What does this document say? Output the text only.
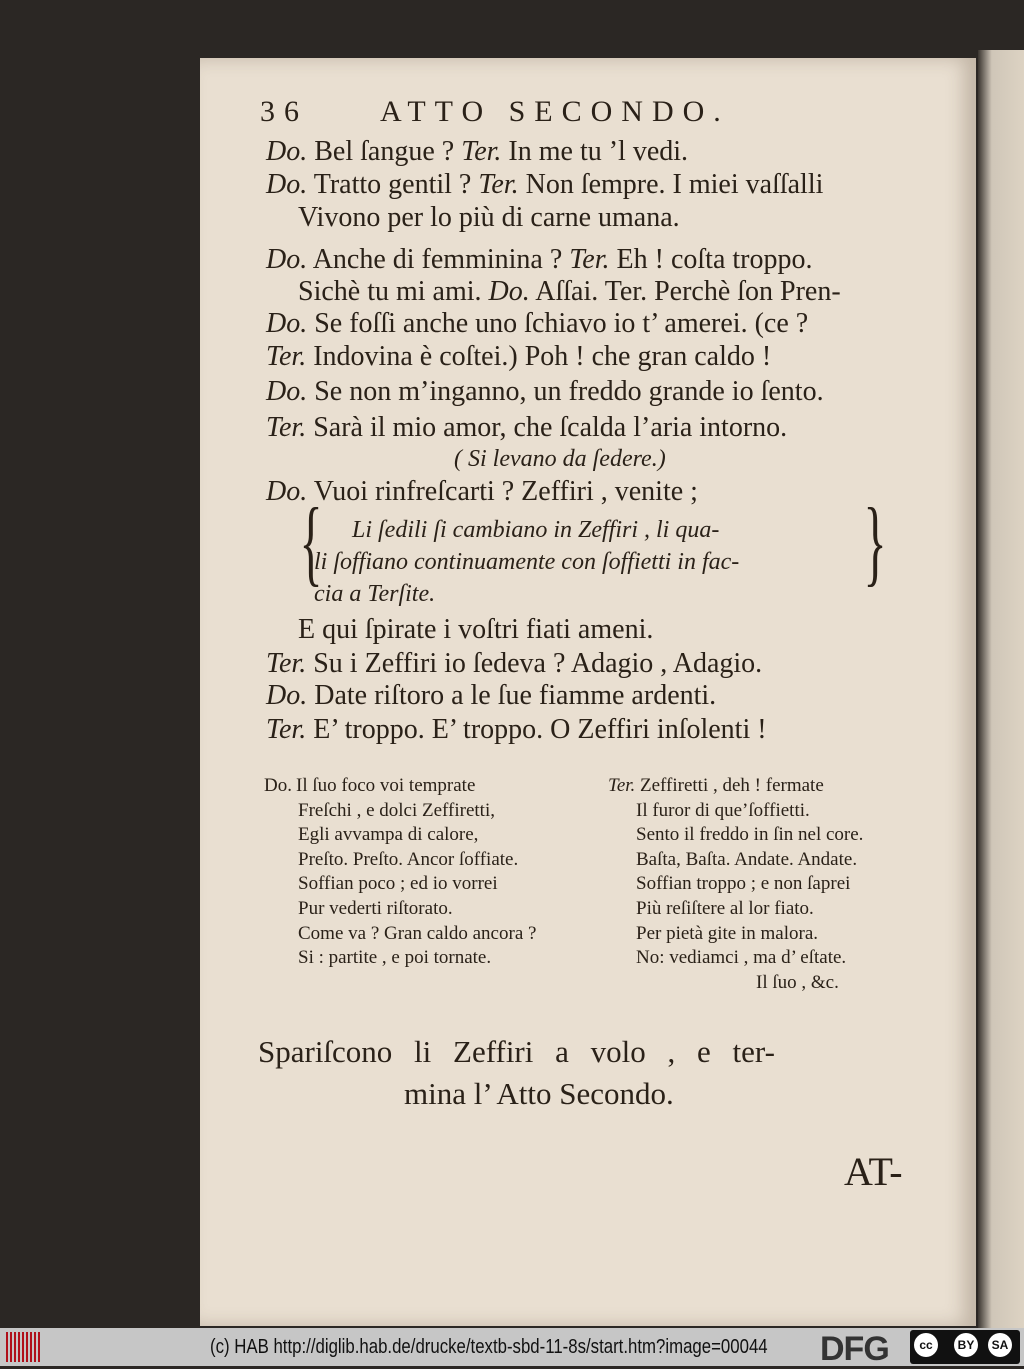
36 ATTO SECONDO.
Do. Bel ſangue ? Ter. In me tu ’l vedi.
Do. Tratto gentil ? Ter. Non ſempre. I miei vaſſalli
Vivono per lo più di carne umana.
Do. Anche di femminina ? Ter. Eh ! coſta troppo.
Sichè tu mi ami. Do. Aſſai. Ter. Perchè ſon Pren-
Do. Se foſſi anche uno ſchiavo io t’ amerei. (ce ?
Ter. Indovina è coſtei.) Poh ! che gran caldo !
Do. Se non m’inganno, un freddo grande io ſento.
Ter. Sarà il mio amor, che ſcalda l’aria intorno.
( Si levano da ſedere.)
Do. Vuoi rinfreſcarti ? Zeffiri , venite ;
{	}
Li ſedili ſi cambiano in Zeffiri , li qua-
li ſoffiano continuamente con ſoffietti in fac-
cia a Terſite.
E qui ſpirate i voſtri fiati ameni.
Ter. Su i Zeffiri io ſedeva ? Adagio , Adagio.
Do. Date riſtoro a le ſue fiamme ardenti.
Ter. E’ troppo. E’ troppo. O Zeffiri inſolenti !
Do. Il ſuo foco voi temprate
Freſchi , e dolci Zeffiretti,
Egli avvampa di calore,
Preſto. Preſto. Ancor ſoffiate.
Soffian poco ; ed io vorrei
Pur vederti riſtorato.
Come va ? Gran caldo ancora ?
Si : partite , e poi tornate.
Ter. Zeffiretti , deh ! fermate
Il furor di que’ſoffietti.
Sento il freddo in ſin nel core.
Baſta, Baſta. Andate. Andate.
Soffian troppo ; e non ſaprei
Più reſiſtere al lor fiato.
Per pietà gite in malora.
No: vediamci , ma d’ eſtate.
Il ſuo , &c.
Spariſcono li Zeffiri a volo , e ter-
mina l’ Atto Secondo.
AT-
(c) HAB http://diglib.hab.de/drucke/textb-sbd-11-8s/start.htm?image=00044 DFG	cc	BY	SA
